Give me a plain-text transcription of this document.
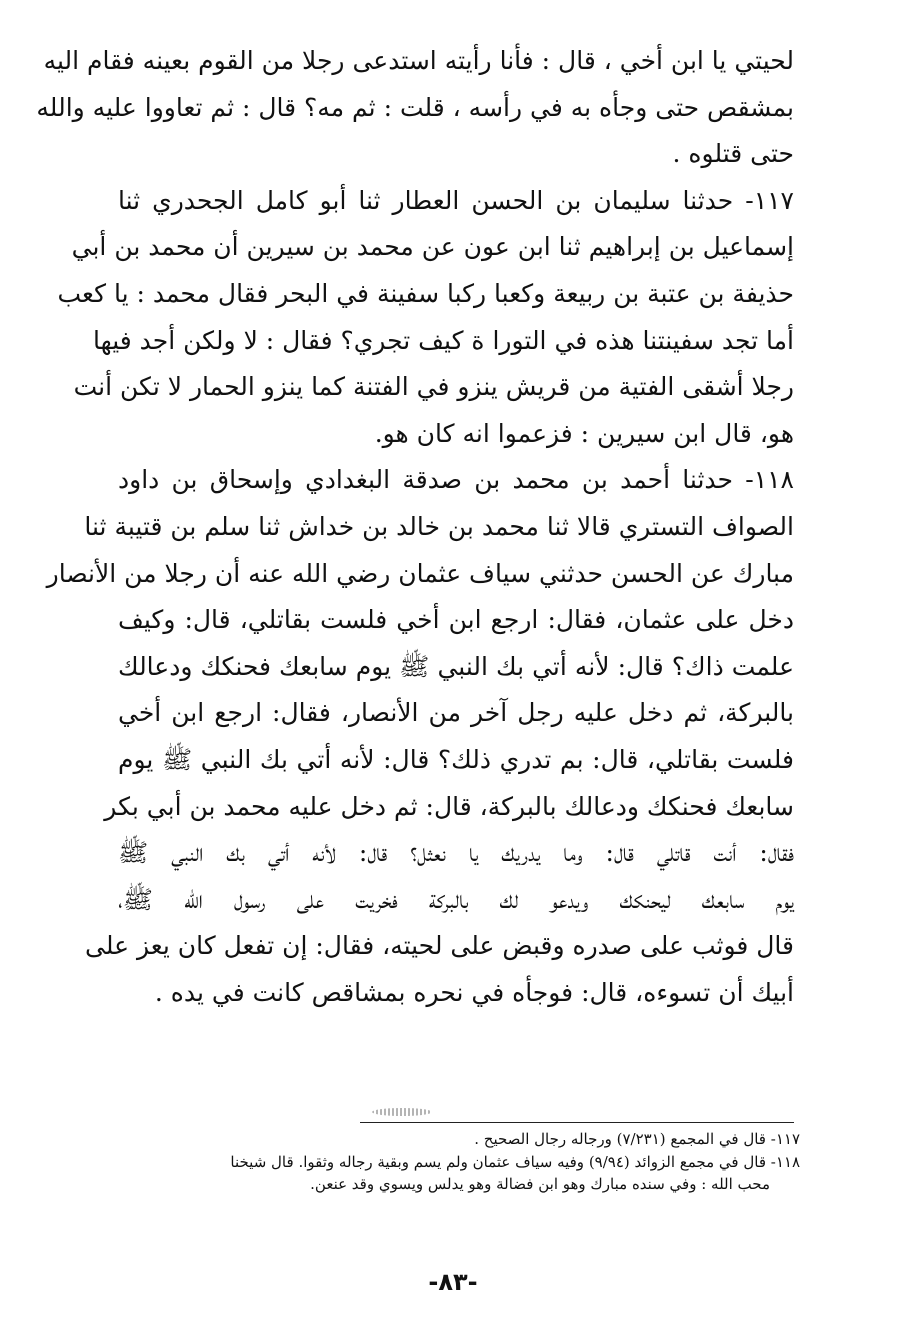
لحيتي يا ابن أخي ، قال : فأنا رأيته استدعى رجلا من القوم بعينه فقام اليه
بمشقص حتى وجأه به في رأسه ، قلت : ثم مه؟ قال : ثم تعاووا عليه والله
حتى قتلوه .
١١٧- حدثنا سليمان بن الحسن العطار ثنا أبو كامل الجحدري ثنا
إسماعيل بن إبراهيم ثنا ابن عون عن محمد بن سيرين أن محمد بن أبي
حذيفة بن عتبة بن ربيعة وكعبا ركبا سفينة في البحر فقال محمد : يا كعب
أما تجد سفينتنا هذه في التورا ة كيف تجري؟ فقال : لا ولكن أجد فيها
رجلا أشقى الفتية من قريش ينزو في الفتنة كما ينزو الحمار لا تكن أنت
هو، قال ابن سيرين : فزعموا انه كان هو.
١١٨- حدثنا أحمد بن محمد بن صدقة البغدادي وإسحاق بن داود
الصواف التستري قالا ثنا محمد بن خالد بن خداش ثنا سلم بن قتيبة ثنا
مبارك عن الحسن حدثني سياف عثمان رضي الله عنه أن رجلا من الأنصار
دخل على عثمان، فقال: ارجع ابن أخي فلست بقاتلي، قال: وكيف
علمت ذاك؟ قال: لأنه أتي بك النبي ﷺ يوم سابعك فحنكك ودعالك
بالبركة، ثم دخل عليه رجل آخر من الأنصار، فقال: ارجع ابن أخي
فلست بقاتلي، قال: بم تدري ذلك؟ قال: لأنه أتي بك النبي ﷺ يوم
سابعك فحنكك ودعالك بالبركة، قال: ثم دخل عليه محمد بن أبي بكر
فقال: أنت قاتلي قال: وما يدريك يا نعثل؟ قال: لأنه أتي بك النبي ﷺ
يوم سابعك ليحنكك ويدعو لك بالبركة فخريت على رسول الله ﷺ،
قال فوثب على صدره وقبض على لحيته، فقال: إن تفعل كان يعز على
أبيك أن تسوءه، قال: فوجأه في نحره بمشاقص كانت في يده .
١١٧- قال في المجمع (٧/٢٣١) ورجاله رجال الصحيح .
١١٨- قال في مجمع الزوائد (٩/٩٤) وفيه سياف عثمان ولم يسم وبقية رجاله وثقوا. قال شيخنا
محب الله : وفي سنده مبارك وهو ابن فضالة وهو يدلس ويسوي وقد عنعن.
-٨٣-
